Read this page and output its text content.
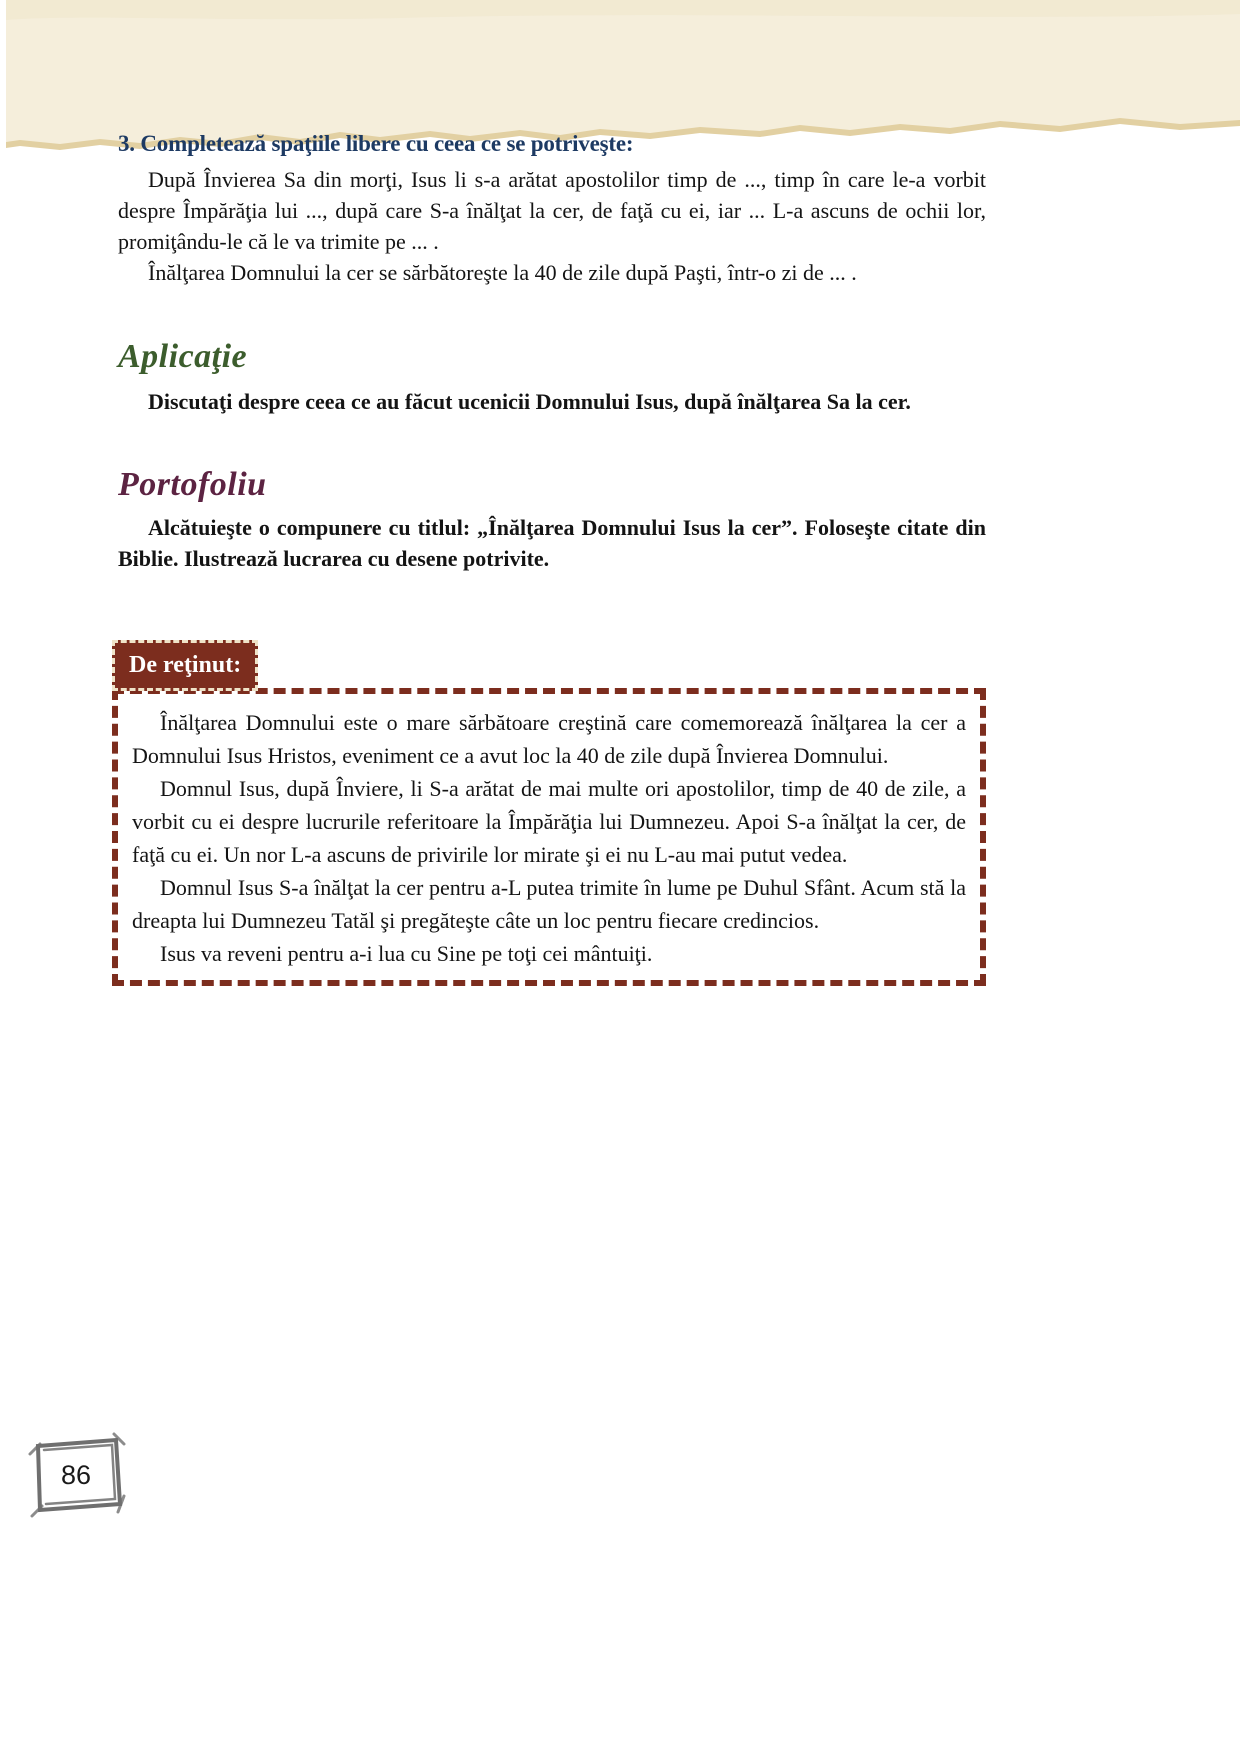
3. Completează spaţiile libere cu ceea ce se potriveşte:

După Învierea Sa din morţi, Isus li s-a arătat apostolilor timp de ..., timp în care le-a vorbit despre Împărăţia lui ..., după care S-a înălţat la cer, de faţă cu ei, iar ... L-a ascuns de ochii lor, promiţându-le că le va trimite pe ... .

Înălţarea Domnului la cer se sărbătoreşte la 40 de zile după Paşti, într-o zi de ... .

Aplicaţie
Discutaţi despre ceea ce au făcut ucenicii Domnului Isus, după înălţarea Sa la cer.
Portofoliu
Alcătuieşte o compunere cu titlul: „Înălţarea Domnului Isus la cer”. Foloseşte citate din Biblie. Ilustrează lucrarea cu desene potrivite.
De reţinut:

Înălţarea Domnului este o mare sărbătoare creştină care comemorează înălţarea la cer a Domnului Isus Hristos, eveniment ce a avut loc la 40 de zile după Învierea Domnului.

Domnul Isus, după Înviere, li S-a arătat de mai multe ori apostolilor, timp de 40 de zile, a vorbit cu ei despre lucrurile referitoare la Împărăţia lui Dumnezeu. Apoi S-a înălţat la cer, de faţă cu ei. Un nor L-a ascuns de privirile lor mirate şi ei nu L-au mai putut vedea.

Domnul Isus S-a înălţat la cer pentru a-L putea trimite în lume pe Duhul Sfânt. Acum stă la dreapta lui Dumnezeu Tatăl şi pregăteşte câte un loc pentru fiecare credincios.

Isus va reveni pentru a-i lua cu Sine pe toţi cei mântuiţi.

86
